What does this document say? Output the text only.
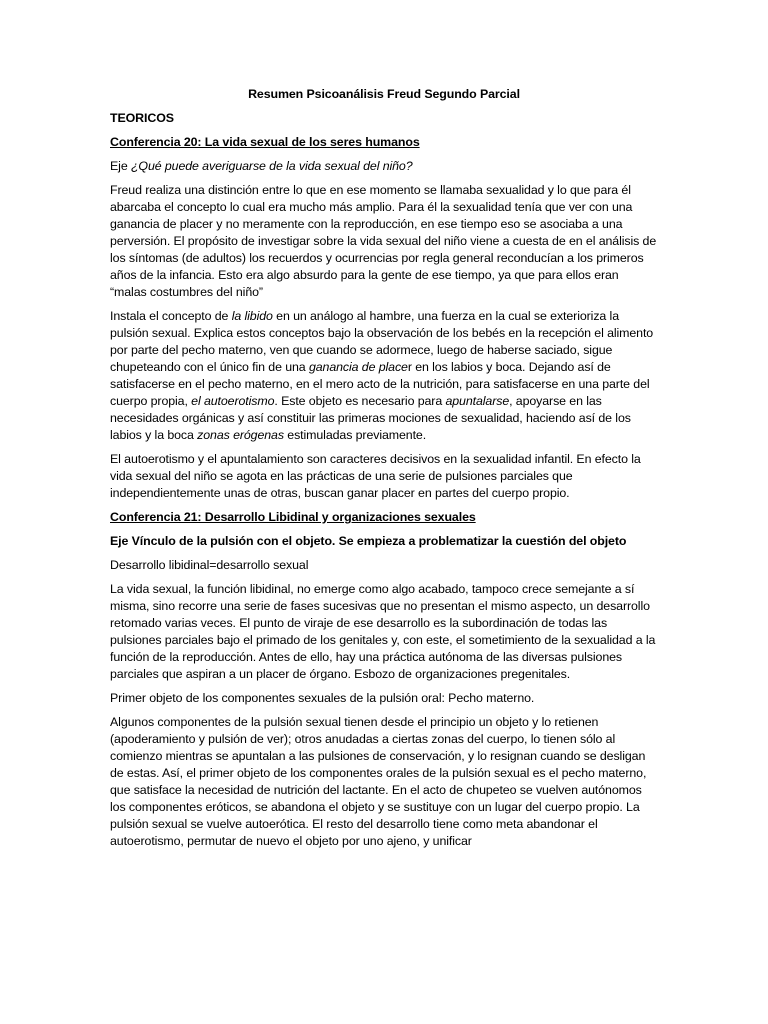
Resumen Psicoanálisis Freud Segundo Parcial
TEORICOS
Conferencia 20: La vida sexual de los seres humanos

Eje ¿Qué puede averiguarse de la vida sexual del niño?

Freud realiza una distinción entre lo que en ese momento se llamaba sexualidad y lo que para él abarcaba el concepto lo cual era mucho más amplio. Para él la sexualidad tenía que ver con una ganancia de placer y no meramente con la reproducción, en ese tiempo eso se asociaba a una perversión. El propósito de investigar sobre la vida sexual del niño viene a cuesta de en el análisis de los síntomas (de adultos) los recuerdos y ocurrencias por regla general reconducían a los primeros años de la infancia. Esto era algo absurdo para la gente de ese tiempo, ya que para ellos eran “malas costumbres del niño”

Instala el concepto de la libido en un análogo al hambre, una fuerza en la cual se exterioriza la pulsión sexual. Explica estos conceptos bajo la observación de los bebés en la recepción el alimento por parte del pecho materno, ven que cuando se adormece, luego de haberse saciado, sigue chupeteando con el único fin de una ganancia de placer en los labios y boca. Dejando así de satisfacerse en el pecho materno, en el mero acto de la nutrición, para satisfacerse en una parte del cuerpo propia, el autoerotismo. Este objeto es necesario para apuntalarse, apoyarse en las necesidades orgánicas y así constituir las primeras mociones de sexualidad, haciendo así de los labios y la boca zonas erógenas estimuladas previamente.

El autoerotismo y el apuntalamiento son caracteres decisivos en la sexualidad infantil. En efecto la vida sexual del niño se agota en las prácticas de una serie de pulsiones parciales que independientemente unas de otras, buscan ganar placer en partes del cuerpo propio.

Conferencia 21: Desarrollo Libidinal y organizaciones sexuales

Eje Vínculo de la pulsión con el objeto. Se empieza a problematizar la cuestión del objeto

Desarrollo libidinal=desarrollo sexual

La vida sexual, la función libidinal, no emerge como algo acabado, tampoco crece semejante a sí misma, sino recorre una serie de fases sucesivas que no presentan el mismo aspecto, un desarrollo retomado varias veces. El punto de viraje de ese desarrollo es la subordinación de todas las pulsiones parciales bajo el primado de los genitales y, con este, el sometimiento de la sexualidad a la función de la reproducción. Antes de ello, hay una práctica autónoma de las diversas pulsiones parciales que aspiran a un placer de órgano. Esbozo de organizaciones pregenitales.

Primer objeto de los componentes sexuales de la pulsión oral: Pecho materno.

Algunos componentes de la pulsión sexual tienen desde el principio un objeto y lo retienen (apoderamiento y pulsión de ver); otros anudadas a ciertas zonas del cuerpo, lo tienen sólo al comienzo mientras se apuntalan a las pulsiones de conservación, y lo resignan cuando se desligan de estas. Así, el primer objeto de los componentes orales de la pulsión sexual es el pecho materno, que satisface la necesidad de nutrición del lactante. En el acto de chupeteo se vuelven autónomos los componentes eróticos, se abandona el objeto y se sustituye con un lugar del cuerpo propio. La pulsión sexual se vuelve autoerótica. El resto del desarrollo tiene como meta abandonar el autoerotismo, permutar de nuevo el objeto por uno ajeno, y unificar
